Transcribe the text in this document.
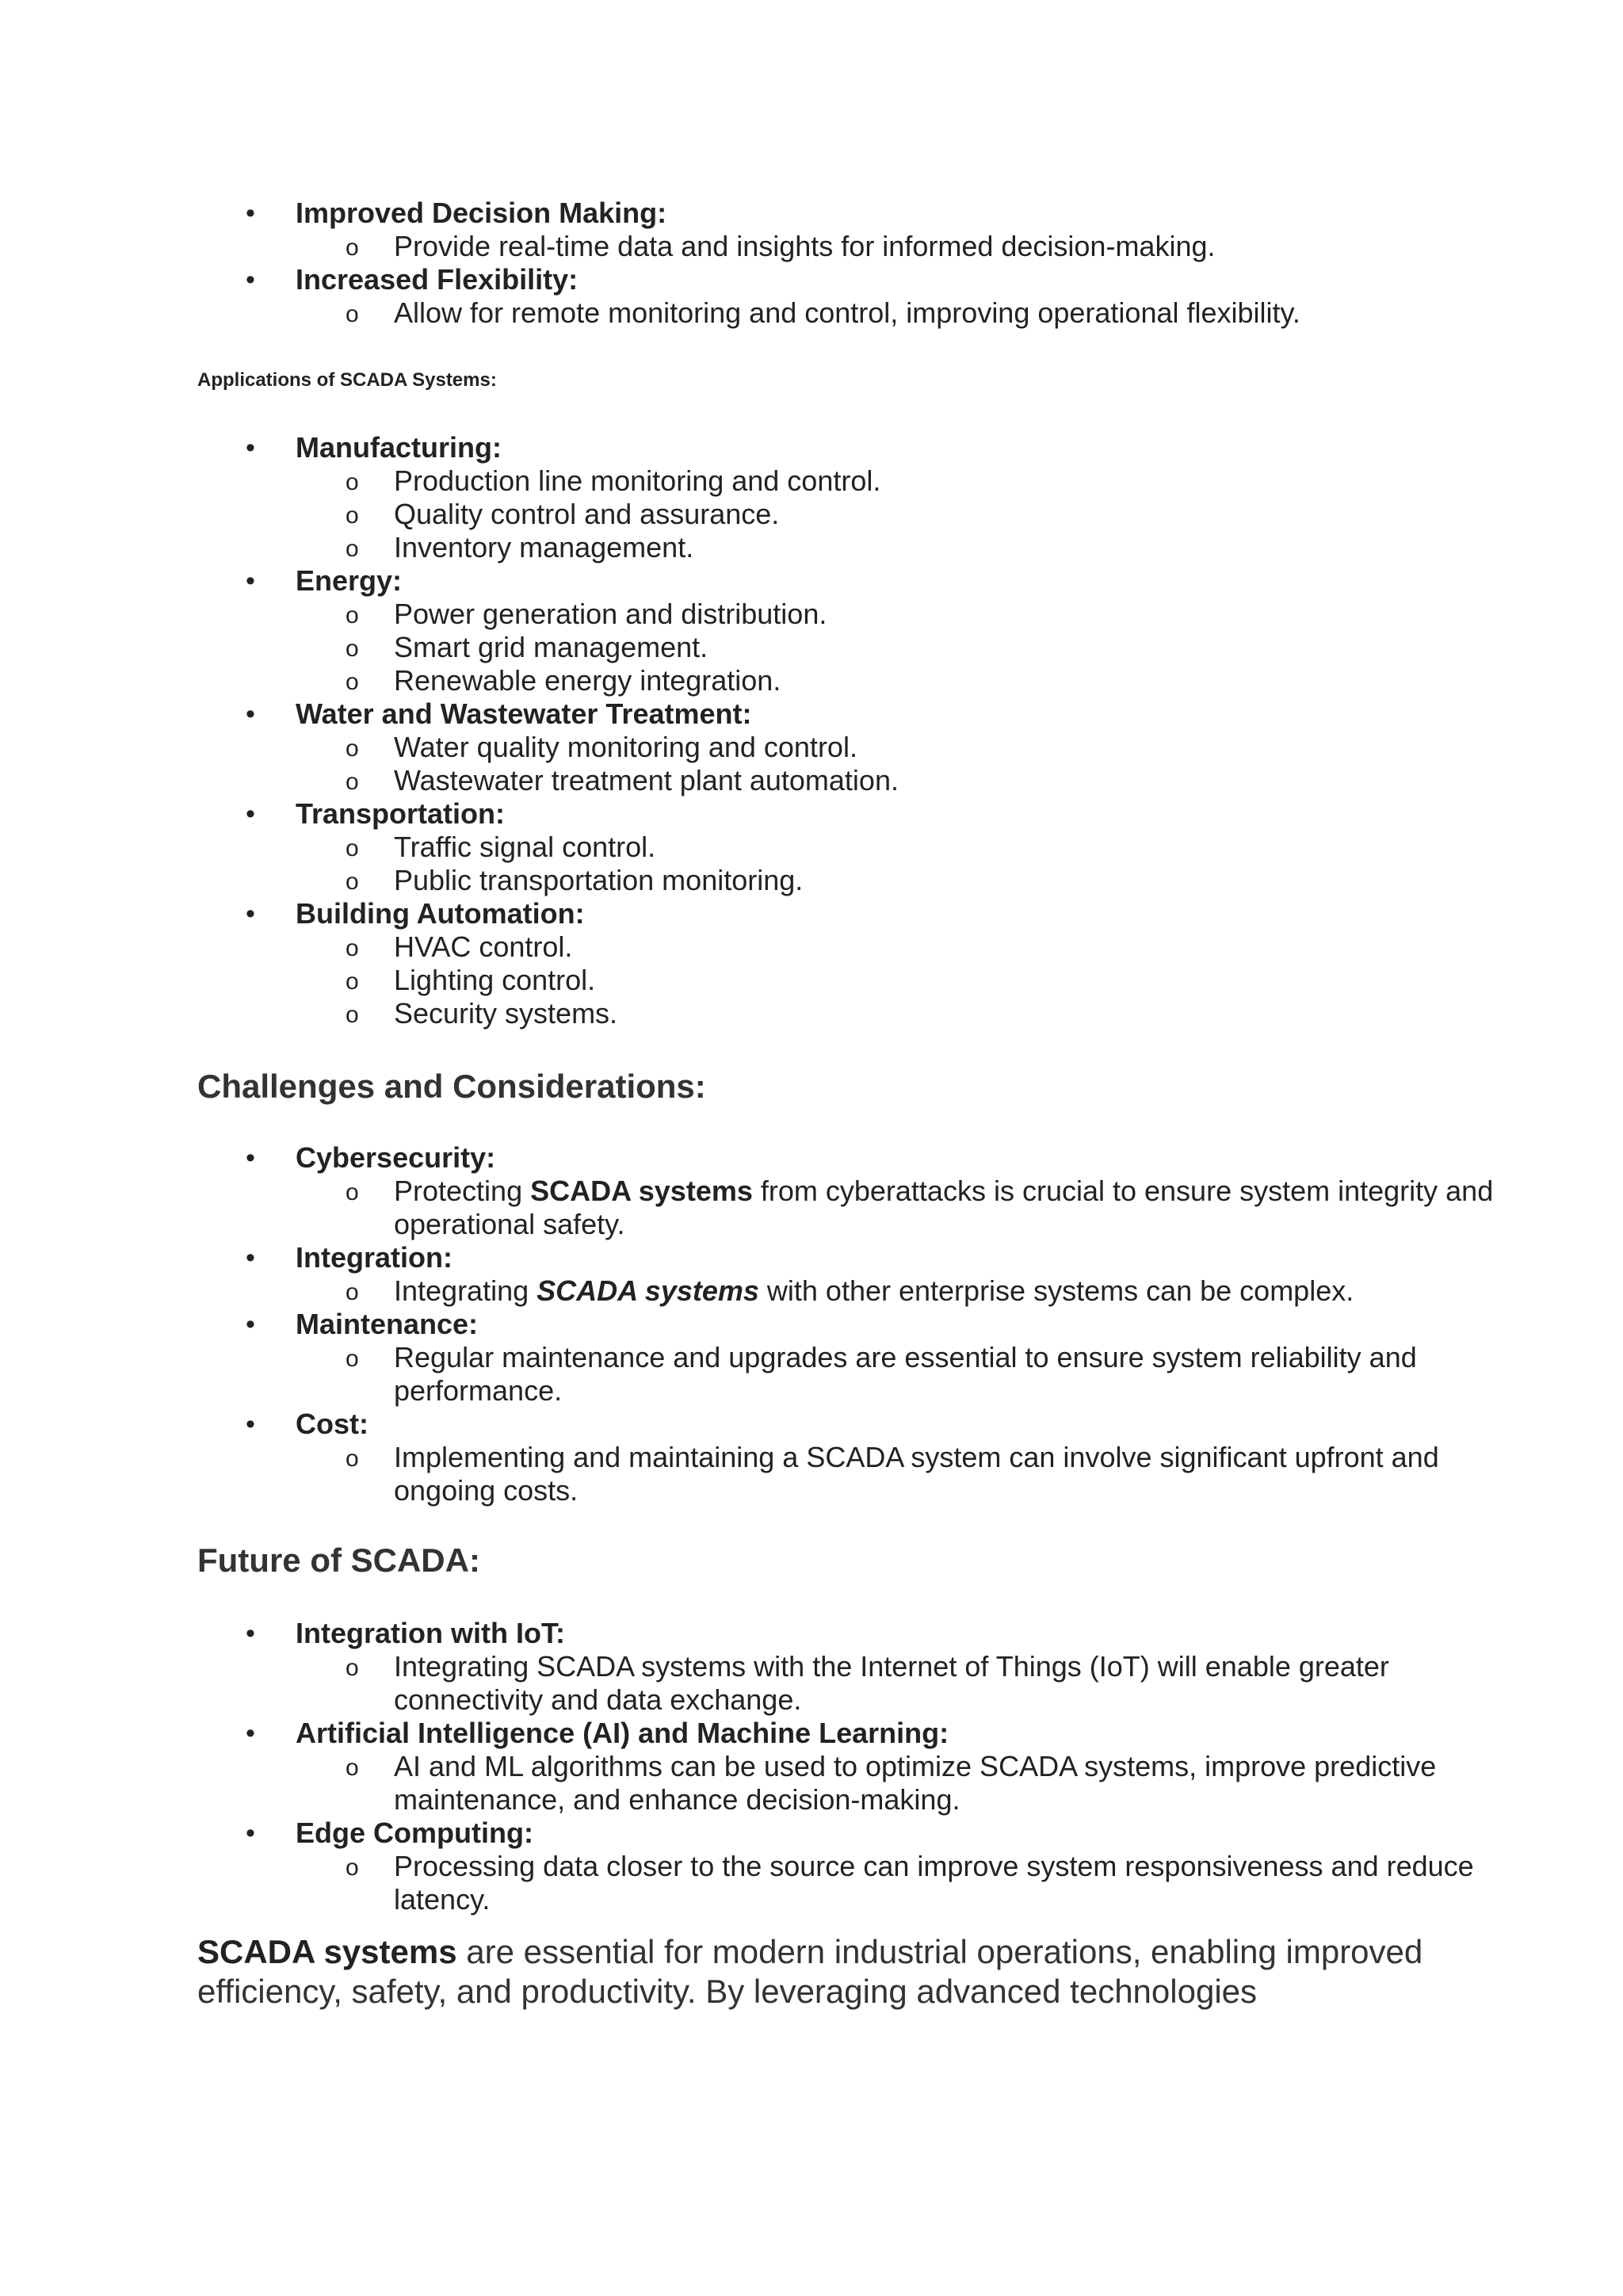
• Improved Decision Making:
o Provide real-time data and insights for informed decision-making.
• Increased Flexibility:
o Allow for remote monitoring and control, improving operational flexibility.
Applications of SCADA Systems:
• Manufacturing:
o Production line monitoring and control.
o Quality control and assurance.
o Inventory management.
• Energy:
o Power generation and distribution.
o Smart grid management.
o Renewable energy integration.
• Water and Wastewater Treatment:
o Water quality monitoring and control.
o Wastewater treatment plant automation.
• Transportation:
o Traffic signal control.
o Public transportation monitoring.
• Building Automation:
o HVAC control.
o Lighting control.
o Security systems.
Challenges and Considerations:
• Cybersecurity:
o Protecting SCADA systems from cyberattacks is crucial to ensure system integrity and operational safety.
• Integration:
o Integrating SCADA systems with other enterprise systems can be complex.
• Maintenance:
o Regular maintenance and upgrades are essential to ensure system reliability and performance.
• Cost:
o Implementing and maintaining a SCADA system can involve significant upfront and ongoing costs.
Future of SCADA:
• Integration with IoT:
o Integrating SCADA systems with the Internet of Things (IoT) will enable greater connectivity and data exchange.
• Artificial Intelligence (AI) and Machine Learning:
o AI and ML algorithms can be used to optimize SCADA systems, improve predictive maintenance, and enhance decision-making.
• Edge Computing:
o Processing data closer to the source can improve system responsiveness and reduce latency.

SCADA systems are essential for modern industrial operations, enabling improved efficiency, safety, and productivity. By leveraging advanced technologies
